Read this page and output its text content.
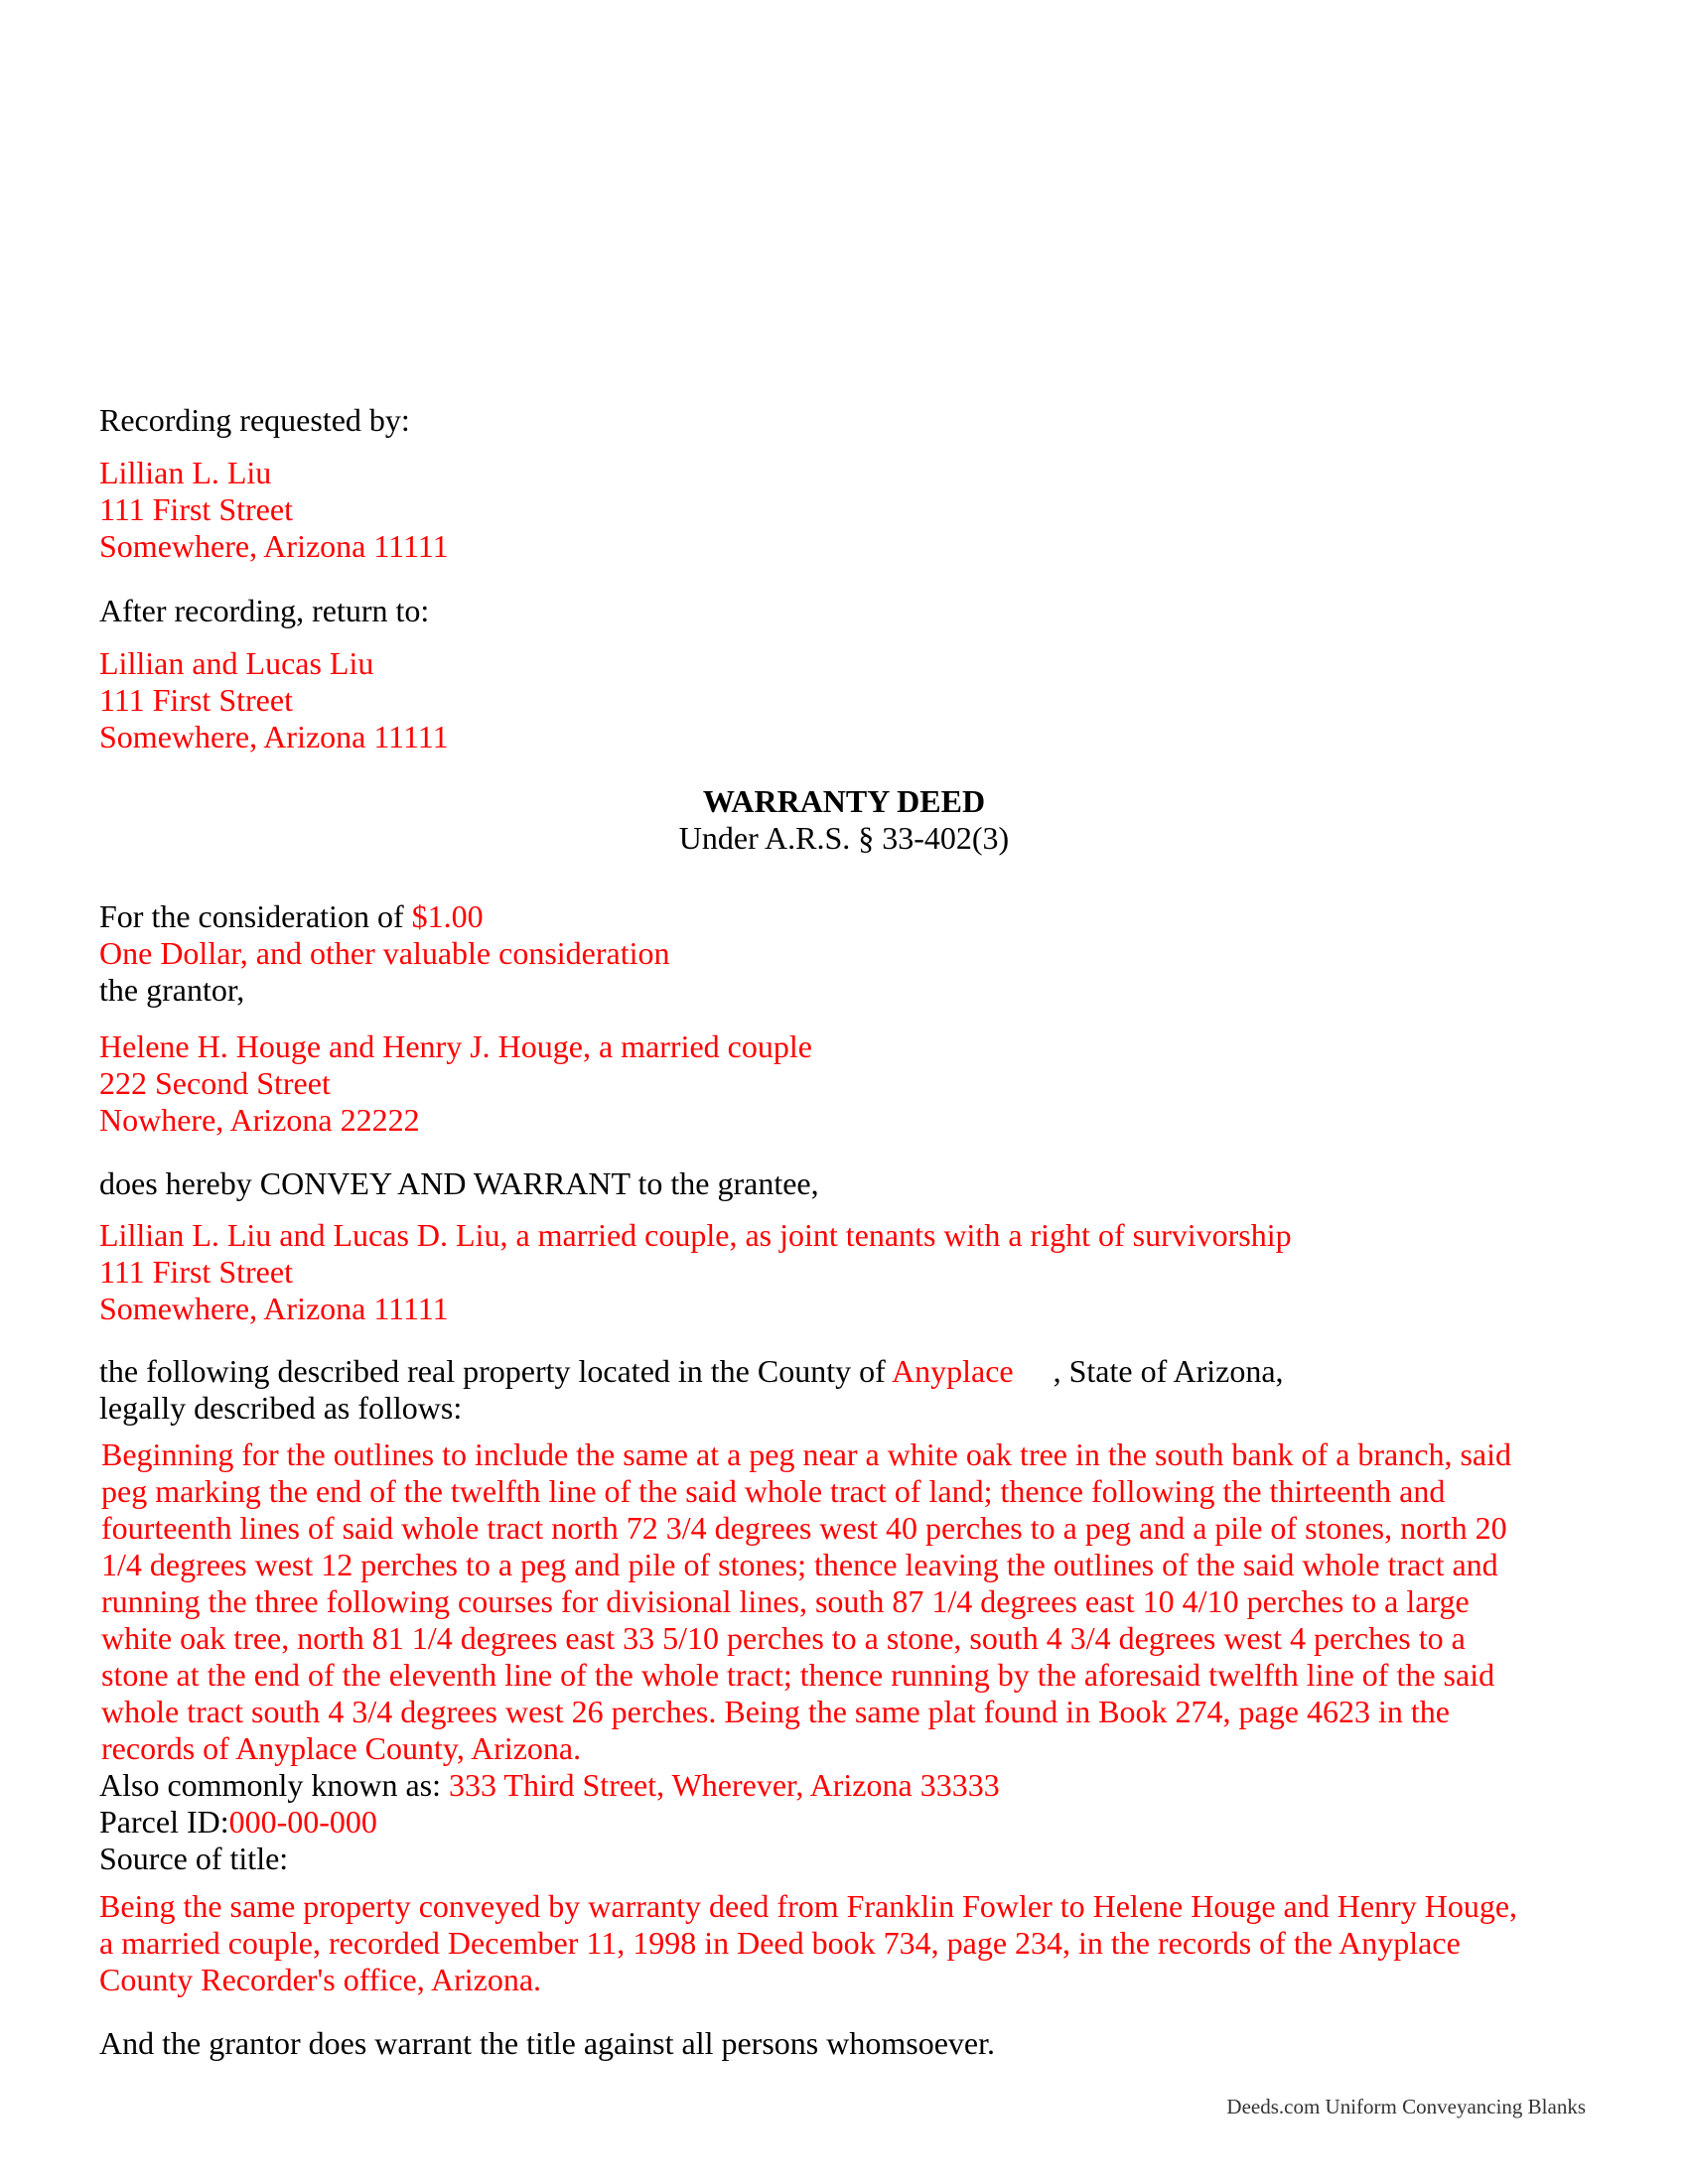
Recording requested by:
Lillian L. Liu
111 First Street
Somewhere, Arizona 11111
After recording, return to:
Lillian and Lucas Liu
111 First Street
Somewhere, Arizona 11111
WARRANTY DEED
Under A.R.S. § 33-402(3)
For the consideration of $1.00
One Dollar, and other valuable consideration
the grantor,
Helene H. Houge and Henry J. Houge, a married couple
222 Second Street
Nowhere, Arizona 22222
does hereby CONVEY AND WARRANT to the grantee,
Lillian L. Liu and Lucas D. Liu, a married couple, as joint tenants with a right of survivorship
111 First Street
Somewhere, Arizona 11111
the following described real property located in the County of Anyplace , State of Arizona,
legally described as follows:
Beginning for the outlines to include the same at a peg near a white oak tree in the south bank of a branch, said
peg marking the end of the twelfth line of the said whole tract of land; thence following the thirteenth and
fourteenth lines of said whole tract north 72 3/4 degrees west 40 perches to a peg and a pile of stones, north 20
1/4 degrees west 12 perches to a peg and pile of stones; thence leaving the outlines of the said whole tract and
running the three following courses for divisional lines, south 87 1/4 degrees east 10 4/10 perches to a large
white oak tree, north 81 1/4 degrees east 33 5/10 perches to a stone, south 4 3/4 degrees west 4 perches to a
stone at the end of the eleventh line of the whole tract; thence running by the aforesaid twelfth line of the said
whole tract south 4 3/4 degrees west 26 perches. Being the same plat found in Book 274, page 4623 in the
records of Anyplace County, Arizona.
Also commonly known as: 333 Third Street, Wherever, Arizona 33333
Parcel ID:000-00-000
Source of title:
Being the same property conveyed by warranty deed from Franklin Fowler to Helene Houge and Henry Houge,
a married couple, recorded December 11, 1998 in Deed book 734, page 234, in the records of the Anyplace
County Recorder's office, Arizona.
And the grantor does warrant the title against all persons whomsoever.
Deeds.com Uniform Conveyancing Blanks
